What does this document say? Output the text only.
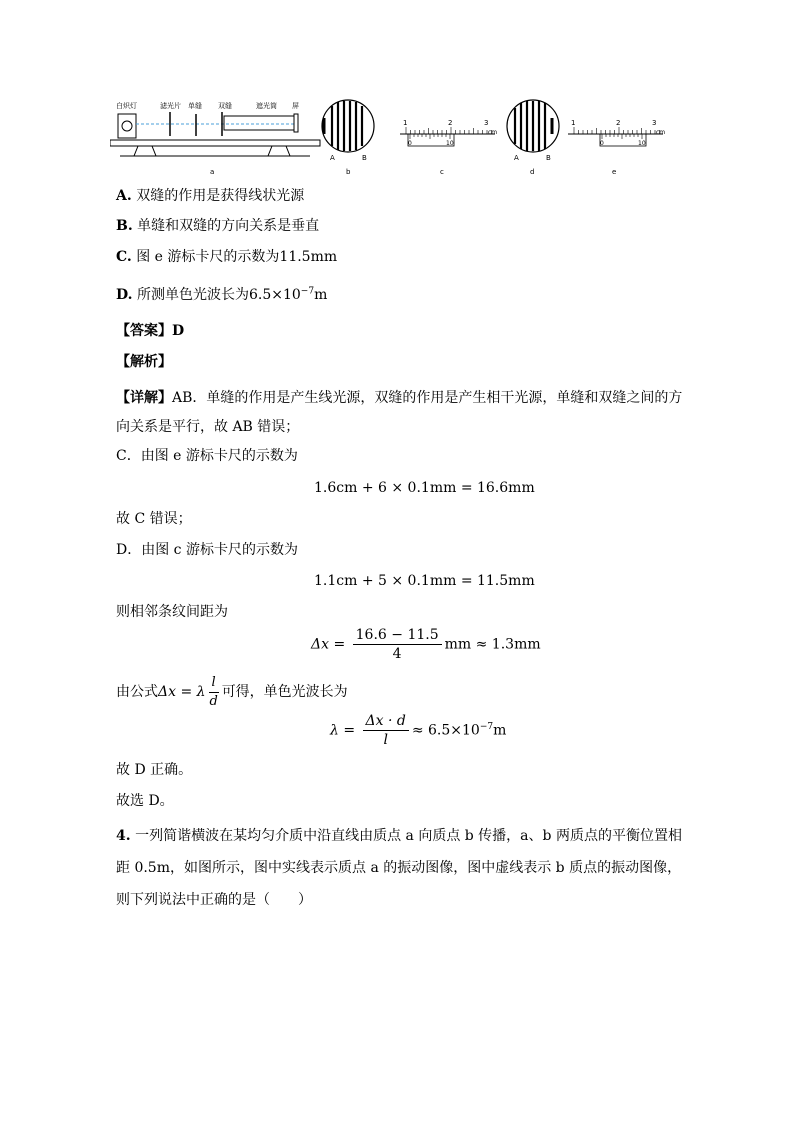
白炽灯	滤光片 单缝 双缝	遮光筒 屏
a
A	B
b
1	2	3
cm
0	10
c
A	B
d
1	2	3
cm
0	10
e
A. 双缝的作用是获得线状光源
B. 单缝和双缝的方向关系是垂直
C. 图 e 游标卡尺的示数为11.5mm
D. 所测单色光波长为$6.5\times 10^{-7}m$
【答案】D
【解析】
【详解】AB．单缝的作用是产生线光源，双缝的作用是产生相干光源，单缝和双缝之间的方向关系是平行，故 AB 错误；
C．由图 e 游标卡尺的示数为
1.6cm + 6 × 0.1mm = 16.6mm
故 C 错误；
D．由图 c 游标卡尺的示数为
1.1cm + 5 × 0.1mm = 11.5mm
则相邻条纹间距为
$\Delta x = \frac{16.6 - 11.5}{4}$ mm ≈ 1.3mm
由公式Δx = λ $\frac{l}{d}$ 可得，单色光波长为
$\lambda = \frac{\Delta x \cdot d}{l} \approx 6.5\times 10^{-7}m$
故 D 正确。
故选 D。
4. 一列简谐横波在某均匀介质中沿直线由质点 a 向质点 b 传播，a、b 两质点的平衡位置相距 0.5m，如图所示，图中实线表示质点 a 的振动图像，图中虚线表示 b 质点的振动图像，则下列说法中正确的是（　　）
